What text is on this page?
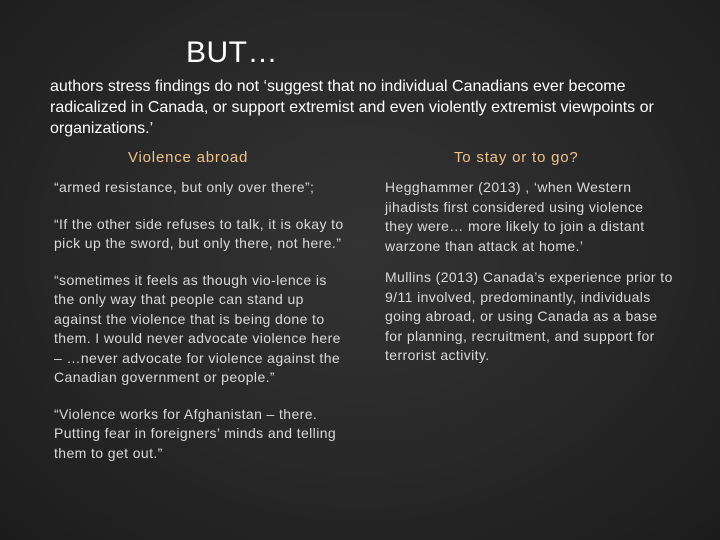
BUT…

authors stress findings do not ‘suggest that no individual Canadians ever become radicalized in Canada, or support extremist and even violently extremist viewpoints or organizations.’

Violence abroad	To stay or to go?

“armed resistance, but only over there”;

“If the other side refuses to talk, it is okay to pick up the sword, but only there, not here.”

“sometimes it feels as though vio-lence is the only way that people can stand up against the violence that is being done to them. I would never advocate violence here – …never advocate for violence against the Canadian government or people.”

“Violence works for Afghanistan – there. Putting fear in foreigners’ minds and telling them to get out.”

Hegghammer (2013) , ‘when Western jihadists first considered using violence they were… more likely to join a distant warzone than attack at home.’

Mullins (2013) Canada’s experience prior to 9/11 involved, predominantly, individuals going abroad, or using Canada as a base for planning, recruitment, and support for terrorist activity.
